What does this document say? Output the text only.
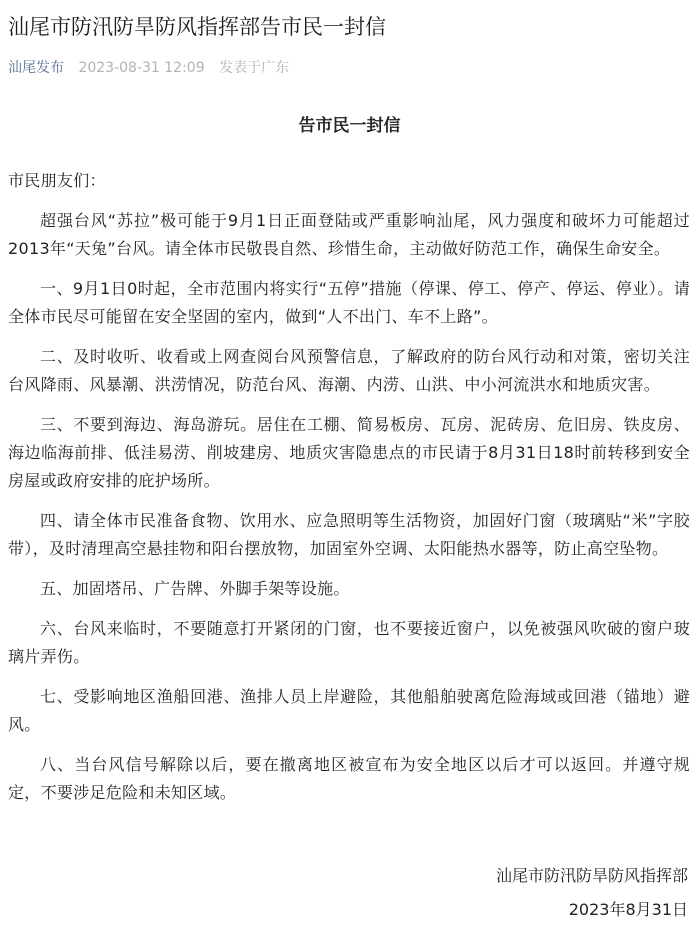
汕尾市防汛防旱防风指挥部告市民一封信
汕尾发布 2023-08-31 12:09 发表于广东
告市民一封信

市民朋友们：

超强台风“苏拉”极可能于9月1日正面登陆或严重影响汕尾，风力强度和破坏力可能超过2013年“天兔”台风。请全体市民敬畏自然、珍惜生命，主动做好防范工作，确保生命安全。

一、9月1日0时起，全市范围内将实行“五停”措施（停课、停工、停产、停运、停业）。请全体市民尽可能留在安全坚固的室内，做到“人不出门、车不上路”。

二、及时收听、收看或上网查阅台风预警信息，了解政府的防台风行动和对策，密切关注台风降雨、风暴潮、洪涝情况，防范台风、海潮、内涝、山洪、中小河流洪水和地质灾害。

三、不要到海边、海岛游玩。居住在工棚、简易板房、瓦房、泥砖房、危旧房、铁皮房、海边临海前排、低洼易涝、削坡建房、地质灾害隐患点的市民请于8月31日18时前转移到安全房屋或政府安排的庇护场所。

四、请全体市民准备食物、饮用水、应急照明等生活物资，加固好门窗（玻璃贴“米”字胶带），及时清理高空悬挂物和阳台摆放物，加固室外空调、太阳能热水器等，防止高空坠物。

五、加固塔吊、广告牌、外脚手架等设施。

六、台风来临时，不要随意打开紧闭的门窗，也不要接近窗户，以免被强风吹破的窗户玻璃片弄伤。

七、受影响地区渔船回港、渔排人员上岸避险，其他船舶驶离危险海域或回港（锚地）避风。

八、当台风信号解除以后，要在撤离地区被宣布为安全地区以后才可以返回。并遵守规定，不要涉足危险和未知区域。

汕尾市防汛防旱防风指挥部
2023年8月31日
